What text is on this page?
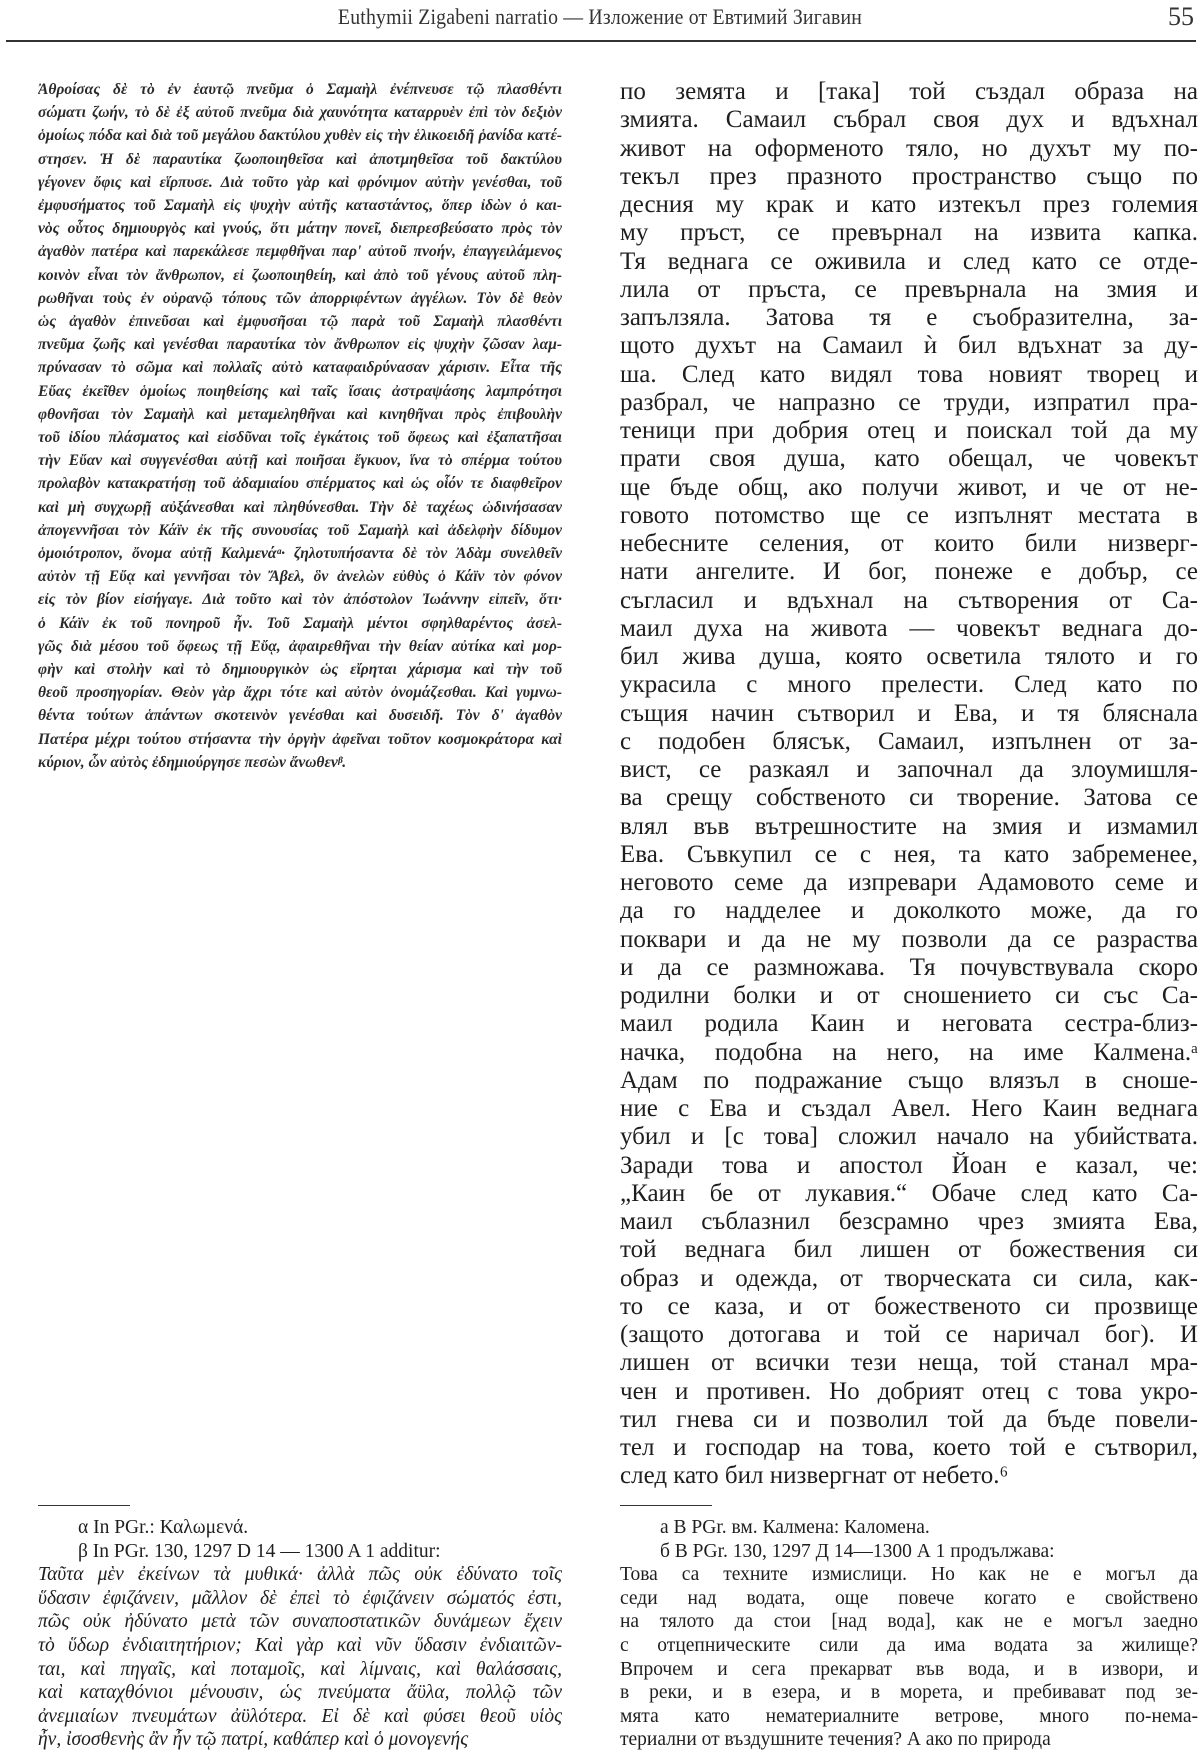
Euthymii Zigabeni narratio — Изложение от Евтимий Зигавин	55
Ἀθροίσας δὲ τὸ ἐν ἑαυτῷ πνεῦμα ὁ Σαμαὴλ ἐνέπνευσε τῷ πλασθέντι
σώματι ζωήν, τὸ δὲ ἐξ αὐτοῦ πνεῦμα διὰ χαυνότητα καταρρυὲν ἐπὶ τὸν δεξιὸν
ὁμοίως πόδα καὶ διὰ τοῦ μεγάλου δακτύλου χυθὲν εἰς τὴν ἑλικοειδῆ ῥανίδα κατέ-
στησεν. Ἡ δὲ παραυτίκα ζωοποιηθεῖσα καὶ ἀποτμηθεῖσα τοῦ δακτύλου
γέγονεν ὄφις καὶ εἵρπυσε. Διὰ τοῦτο γὰρ καὶ φρόνιμον αὐτὴν γενέσθαι, τοῦ
ἐμφυσήματος τοῦ Σαμαὴλ εἰς ψυχὴν αὐτῆς καταστάντος, ὅπερ ἰδὼν ὁ και-
νὸς οὗτος δημιουργὸς καὶ γνούς, ὅτι μάτην πονεῖ, διεπρεσβεύσατο πρὸς τὸν
ἀγαθὸν πατέρα καὶ παρεκάλεσε πεμφθῆναι παρ' αὐτοῦ πνοήν, ἐπαγγειλάμενος
κοινὸν εἶναι τὸν ἄνθρωπον, εἰ ζωοποιηθείη, καὶ ἀπὸ τοῦ γένους αὐτοῦ πλη-
ρωθῆναι τοὺς ἐν οὐρανῷ τόπους τῶν ἀπορριφέντων ἀγγέλων. Τὸν δὲ θεὸν
ὡς ἀγαθὸν ἐπινεῦσαι καὶ ἐμφυσῆσαι τῷ παρὰ τοῦ Σαμαὴλ πλασθέντι
πνεῦμα ζωῆς καὶ γενέσθαι παραυτίκα τὸν ἄνθρωπον εἰς ψυχὴν ζῶσαν λαμ-
πρύνασαν τὸ σῶμα καὶ πολλαῖς αὐτὸ καταφαιδρύνασαν χάρισιν. Εἶτα τῆς
Εὔας ἐκεῖθεν ὁμοίως ποιηθείσης καὶ ταῖς ἴσαις ἀστραψάσης λαμπρότησι
φθονῆσαι τὸν Σαμαὴλ καὶ μεταμεληθῆναι καὶ κινηθῆναι πρὸς ἐπιβουλὴν
τοῦ ἰδίου πλάσματος καὶ εἰσδῦναι τοῖς ἐγκάτοις τοῦ ὄφεως καὶ ἐξαπατῆσαι
τὴν Εὔαν καὶ συγγενέσθαι αὐτῇ καὶ ποιῆσαι ἔγκυον, ἵνα τὸ σπέρμα τούτου
προλαβὸν κατακρατήσῃ τοῦ ἀδαμιαίου σπέρματος καὶ ὡς οἷόν τε διαφθεῖρον
καὶ μὴ συγχωρῇ αὐξάνεσθαι καὶ πληθύνεσθαι. Τὴν δὲ ταχέως ὠδινήσασαν
ἀπογεννῆσαι τὸν Κάϊν ἐκ τῆς συνουσίας τοῦ Σαμαὴλ καὶ ἀδελφὴν δίδυμον
ὁμοιότροπον, ὄνομα αὐτῇ Καλμενάᵅ· ζηλοτυπήσαντα δὲ τὸν Ἀδὰμ συνελθεῖν
αὐτὸν τῇ Εὔᾳ καὶ γεννῆσαι τὸν Ἄβελ, ὃν ἀνελὼν εὐθὺς ὁ Κάϊν τὸν φόνον
εἰς τὸν βίον εἰσήγαγε. Διὰ τοῦτο καὶ τὸν ἀπόστολον Ἰωάννην εἰπεῖν, ὅτι·
ὁ Κάϊν ἐκ τοῦ πονηροῦ ἦν. Τοῦ Σαμαὴλ μέντοι σφηλθαρέντος ἀσελ-
γῶς διὰ μέσου τοῦ ὄφεως τῇ Εὔᾳ, ἀφαιρεθῆναι τὴν θείαν αὐτίκα καὶ μορ-
φὴν καὶ στολὴν καὶ τὸ δημιουργικὸν ὡς εἴρηται χάρισμα καὶ τὴν τοῦ
θεοῦ προσηγορίαν. Θεὸν γὰρ ἄχρι τότε καὶ αὐτὸν ὀνομάζεσθαι. Καὶ γυμνω-
θέντα τούτων ἁπάντων σκοτεινὸν γενέσθαι καὶ δυσειδῆ. Τὸν δ' ἀγαθὸν
Πατέρα μέχρι τούτου στήσαντα τὴν ὀργὴν ἀφεῖναι τοῦτον κοσμοκράτορα καὶ
κύριον, ὧν αὐτὸς ἐδημιούργησε πεσὼν ἄνωθενᵝ.
по земята и [така] той създал образа на
змията. Самаил събрал своя дух и вдъхнал
живот на оформеното тяло, но духът му по-
текъл през празното пространство също по
десния му крак и като изтекъл през големия
му пръст, се превърнал на извита капка.
Тя веднага се оживила и след като се отде-
лила от пръста, се превърнала на змия и
запълзяла. Затова тя е съобразителна, за-
щото духът на Самаил ѝ бил вдъхнат за ду-
ша. След като видял това новият творец и
разбрал, че напразно се труди, изпратил пра-
теници при добрия отец и поискал той да му
прати своя душа, като обещал, че човекът
ще бъде общ, ако получи живот, и че от не-
говото потомство ще се изпълнят местата в
небесните селения, от които били низверг-
нати ангелите. И бог, понеже е добър, се
съгласил и вдъхнал на сътворения от Са-
маил духа на живота — човекът веднага до-
бил жива душа, която осветила тялото и го
украсила с много прелести. След като по
същия начин сътворил и Ева, и тя бляснала
с подобен блясък, Самаил, изпълнен от за-
вист, се разкаял и започнал да злоумишля-
ва срещу собственото си творение. Затова се
влял във вътрешностите на змия и измамил
Ева. Съвкупил се с нея, та като забременее,
неговото семе да изпревари Адамовото семе и
да го надделее и доколкото може, да го
поквари и да не му позволи да се разраства
и да се размножава. Тя почувствувала скоро
родилни болки и от сношението си със Са-
маил родила Каин и неговата сестра-близ-
начка, подобна на него, на име Калмена.ᵃ
Адам по подражание също влязъл в сноше-
ние с Ева и създал Авел. Него Каин веднага
убил и [с това] сложил начало на убийствата.
Заради това и апостол Йоан е казал, че:
„Каин бе от лукавия.“ Обаче след като Са-
маил съблазнил безсрамно чрез змията Ева,
той веднага бил лишен от божествения си
образ и одежда, от творческата си сила, как-
то се каза, и от божественото си прозвище
(защото дотогава и той се наричал бог). И
лишен от всички тези неща, той станал мра-
чен и противен. Но добрият отец с това укро-
тил гнева си и позволил той да бъде повели-
тел и господар на това, което той е сътворил,
след като бил низвергнат от небето.⁶
α In PGr.: Καλωμενά.
β In PGr. 130, 1297 D 14 — 1300 A 1 additur:
Ταῦτα μὲν ἐκείνων τὰ μυθικά· ἀλλὰ πῶς οὐκ ἐδύνατο τοῖς
ὕδασιν ἐφιζάνειν, μᾶλλον δὲ ἐπεὶ τὸ ἐφιζάνειν σώματός ἐστι,
πῶς οὐκ ἠδύνατο μετὰ τῶν συναποστατικῶν δυνάμεων ἔχειν
τὸ ὕδωρ ἐνδιαιτητήριον; Καὶ γὰρ καὶ νῦν ὕδασιν ἐνδιαιτῶν-
ται, καὶ πηγαῖς, καὶ ποταμοῖς, καὶ λίμναις, καὶ θαλάσσαις,
καὶ καταχθόνιοι μένουσιν, ὡς πνεύματα ἄϋλα, πολλῷ τῶν
ἀνεμιαίων πνευμάτων ἀϋλότερα. Εἰ δὲ καὶ φύσει θεοῦ υἱὸς
ἦν, ἰσοσθενὴς ἂν ἦν τῷ πατρί, καθάπερ καὶ ὁ μονογενής
а В PGr. вм. Калмена: Каломена.
б В PGr. 130, 1297 Д 14—1300 А 1 продължава:
Това са техните измислици. Но как не е могъл да
седи над водата, още повече когато е свойствено
на тялото да стои [над вода], как не е могъл заедно
с отцепническите сили да има водата за жилище?
Впрочем и сега прекарват във вода, и в извори, и
в реки, и в езера, и в морета, и пребивават под зе-
мята като нематериалните ветрове, много по-нема-
териални от въздушните течения? А ако по природа
